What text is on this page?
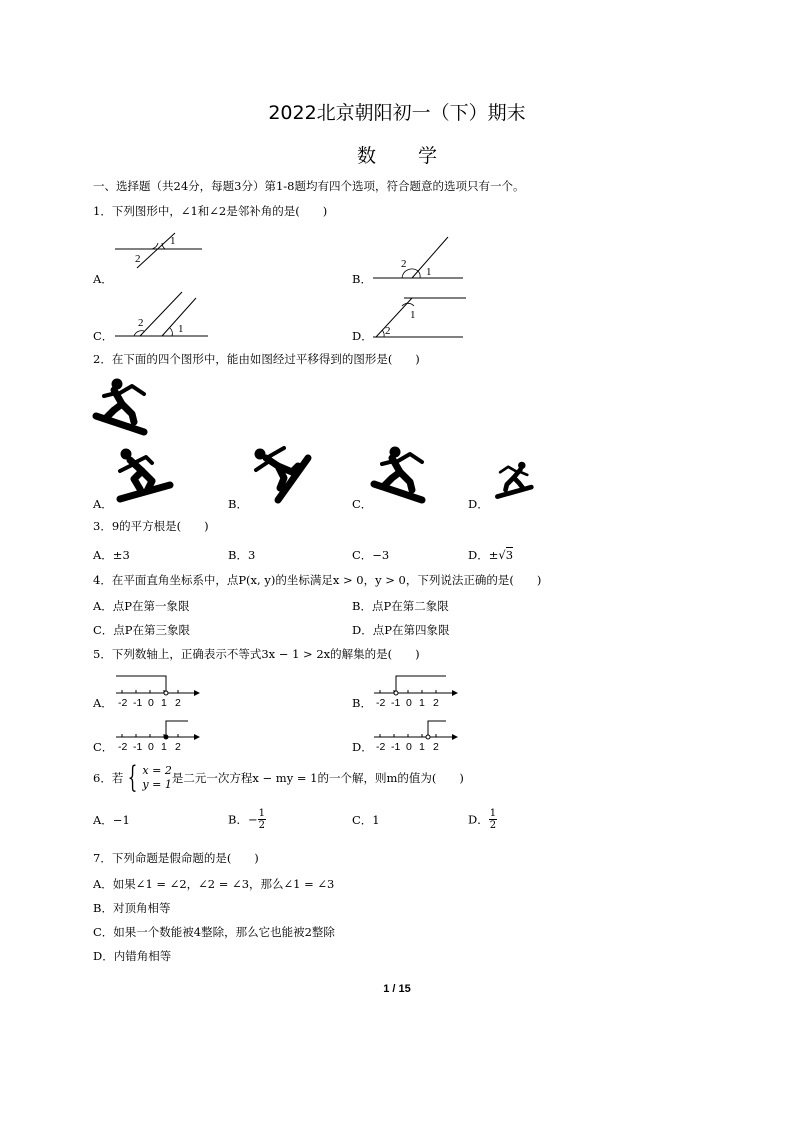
2022北京朝阳初一（下）期末
数 学
一、选择题（共24分，每题3分）第1-8题均有四个选项，符合题意的选项只有一个。
1．下列图形中，∠1和∠2是邻补角的是(　　)
A．
1
2
B．
2
1
C．
2	1	D．
1
2
2．在下面的四个图形中，能由如图经过平移得到的图形是(　　)
A．	B．	C．	D．
3．9的平方根是(　　)
A．±3	B．3	C．−3	D．±√3
4．在平面直角坐标系中，点P(x, y)的坐标满足x > 0，y > 0，下列说法正确的是(　　)
A．点P在第一象限	B．点P在第二象限
C．点P在第三象限	D．点P在第四象限
5．下列数轴上，正确表示不等式3x − 1 > 2x的解集的是(　　)
A． -2 -1 0 1 2	B． -2 -1 0 1 2
C． -2 -1 0 1 2	D． -2 -1 0 1 2
6．若 { x = 2
y = 1 是二元一次方程x − my = 1的一个解，则m的值为(　　)
A．−1	B．− $\frac{1}{2}$	C．1	D． $\frac{1}{2}$
7．下列命题是假命题的是(　　)
A．如果∠1 = ∠2，∠2 = ∠3，那么∠1 = ∠3
B．对顶角相等
C．如果一个数能被4整除，那么它也能被2整除
D．内错角相等
1 / 15
